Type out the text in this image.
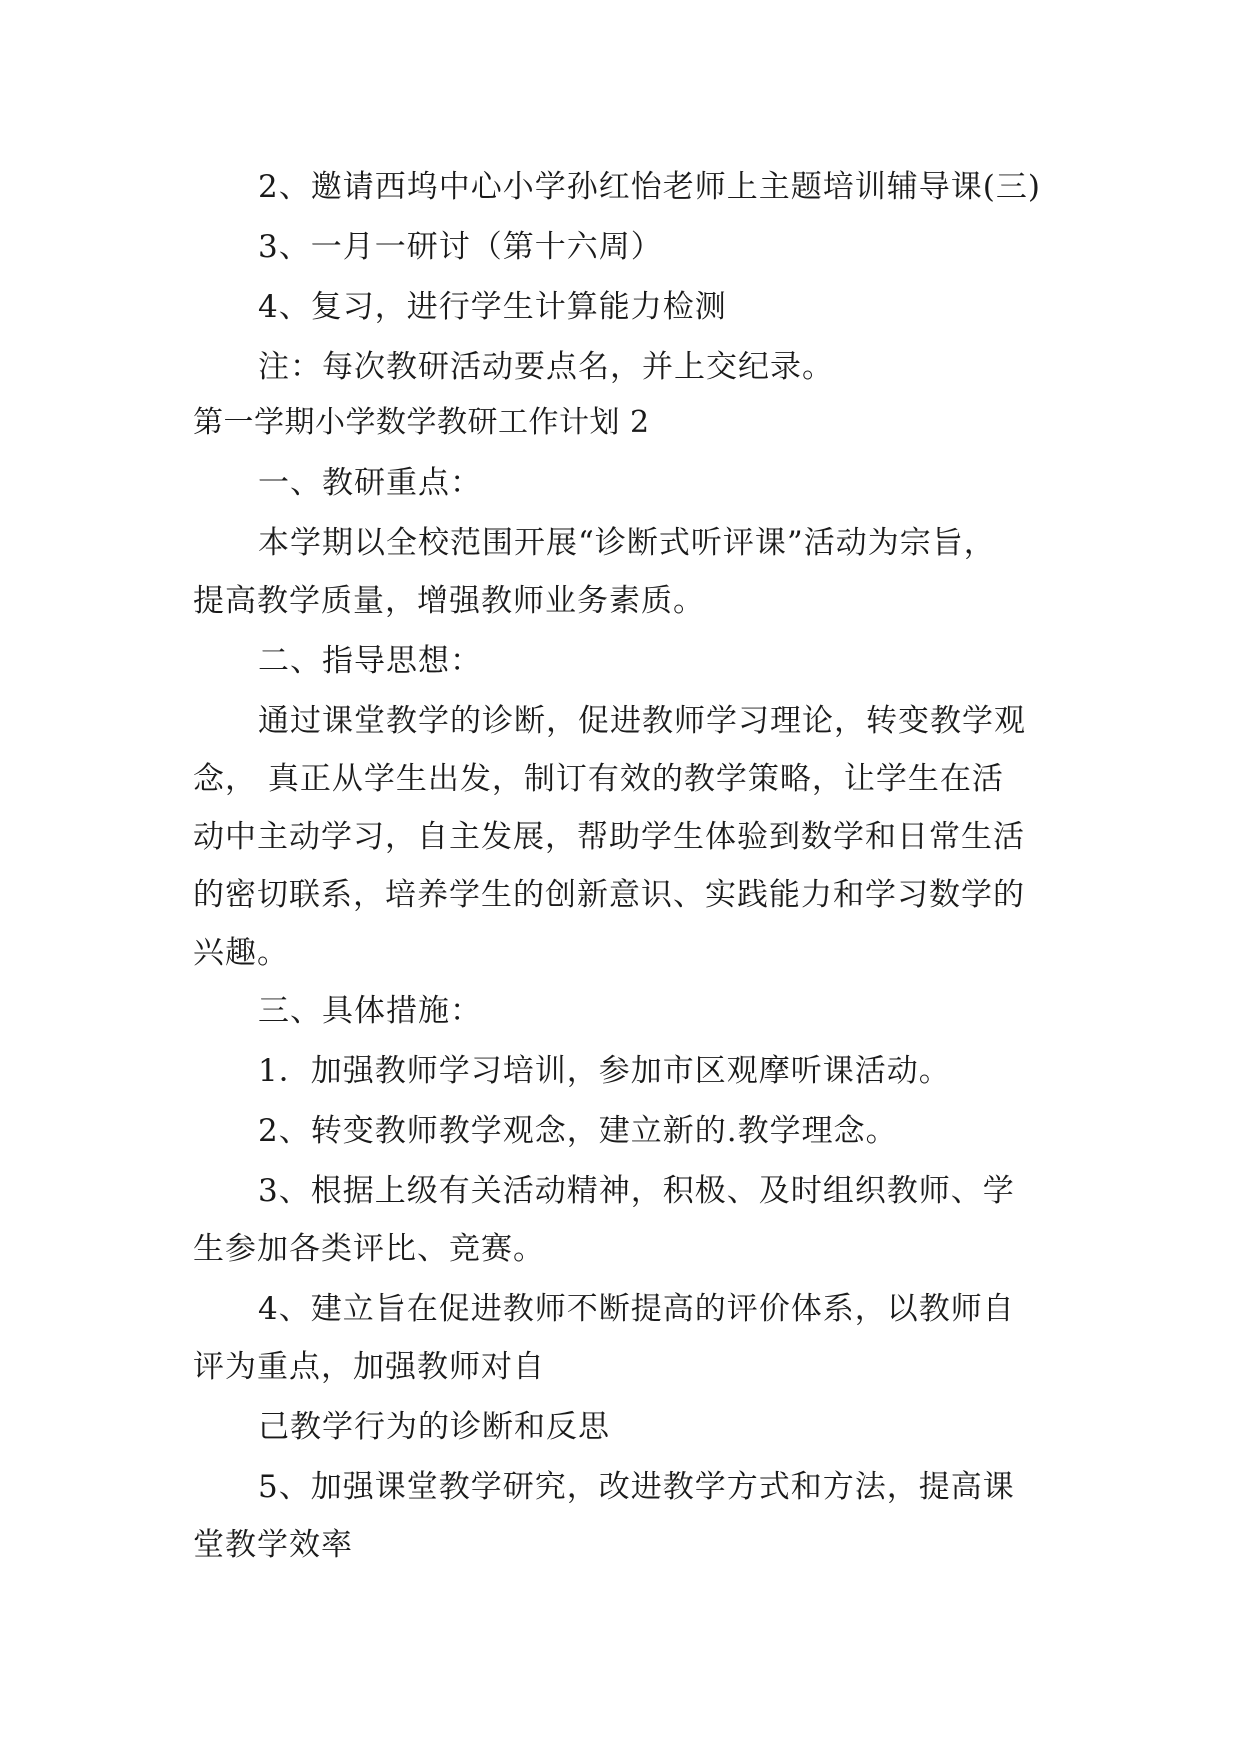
2、邀请西坞中心小学孙红怡老师上主题培训辅导课(三)
3、一月一研讨（第十六周）
4、复习，进行学生计算能力检测
注：每次教研活动要点名，并上交纪录。
第一学期小学数学教研工作计划 2
一、教研重点：
本学期以全校范围开展“诊断式听评课”活动为宗旨，
提高教学质量，增强教师业务素质。
二、指导思想：
通过课堂教学的诊断，促进教师学习理论，转变教学观
念， 真正从学生出发，制订有效的教学策略，让学生在活
动中主动学习，自主发展，帮助学生体验到数学和日常生活
的密切联系，培养学生的创新意识、实践能力和学习数学的
兴趣。
三、具体措施：
1．加强教师学习培训，参加市区观摩听课活动。
2、转变教师教学观念，建立新的.教学理念。
3、根据上级有关活动精神，积极、及时组织教师、学
生参加各类评比、竞赛。
4、建立旨在促进教师不断提高的评价体系，以教师自
评为重点，加强教师对自
己教学行为的诊断和反思
5、加强课堂教学研究，改进教学方式和方法，提高课
堂教学效率
